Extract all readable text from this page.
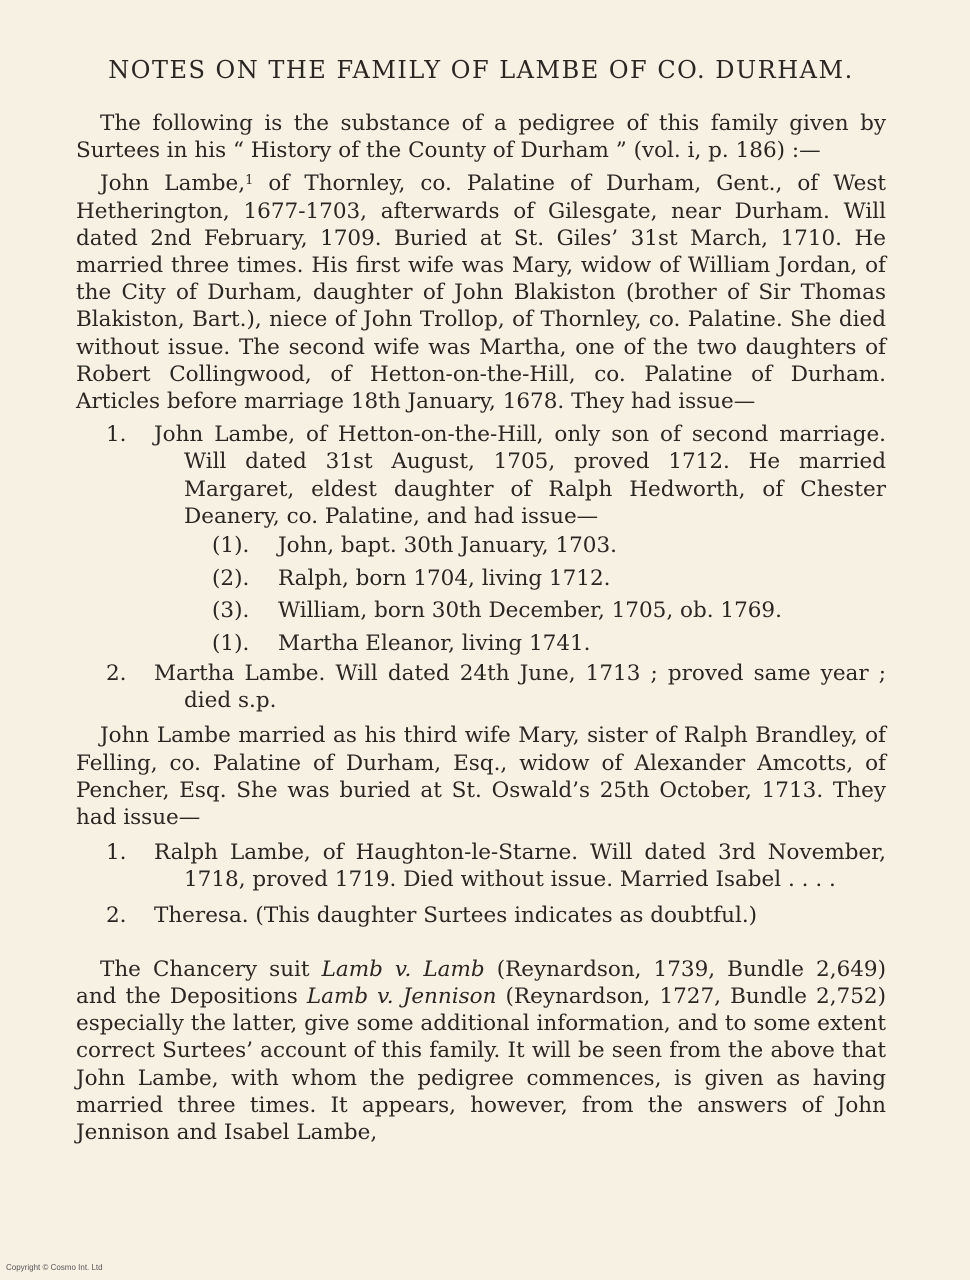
NOTES ON THE FAMILY OF LAMBE OF CO. DURHAM.

The following is the substance of a pedigree of this family given by Surtees in his “ History of the County of Durham ” (vol. i, p. 186) :—

John Lambe,$^1$ of Thornley, co. Palatine of Durham, Gent., of West Hetherington, 1677-1703, afterwards of Gilesgate, near Durham. Will dated 2nd February, 1709. Buried at St. Giles’ 31st March, 1710. He married three times. His first wife was Mary, widow of William Jordan, of the City of Durham, daughter of John Blakiston (brother of Sir Thomas Blakiston, Bart.), niece of John Trollop, of Thornley, co. Palatine. She died without issue. The second wife was Martha, one of the two daughters of Robert Collingwood, of Hetton-on-the-Hill, co. Palatine of Durham. Articles before marriage 18th January, 1678. They had issue—

1. John Lambe, of Hetton-on-the-Hill, only son of second marriage. Will dated 31st August, 1705, proved 1712. He married Margaret, eldest daughter of Ralph Hedworth, of Chester Deanery, co. Palatine, and had issue—
(1). John, bapt. 30th January, 1703.
(2). Ralph, born 1704, living 1712.
(3). William, born 30th December, 1705, ob. 1769.
(1). Martha Eleanor, living 1741.
2. Martha Lambe. Will dated 24th June, 1713 ; proved same year ; died s.p.

John Lambe married as his third wife Mary, sister of Ralph Brandley, of Felling, co. Palatine of Durham, Esq., widow of Alexander Amcotts, of Pencher, Esq. She was buried at St. Oswald’s 25th October, 1713. They had issue—

1. Ralph Lambe, of Haughton-le-Starne. Will dated 3rd November, 1718, proved 1719. Died without issue. Married Isabel . . . .
2. Theresa. (This daughter Surtees indicates as doubtful.)

The Chancery suit Lamb v. Lamb (Reynardson, 1739, Bundle 2,649) and the Depositions Lamb v. Jennison (Reynardson, 1727, Bundle 2,752) especially the latter, give some additional information, and to some extent correct Surtees’ account of this family. It will be seen from the above that John Lambe, with whom the pedigree commences, is given as having married three times. It appears, however, from the answers of John Jennison and Isabel Lambe,

Copyright © Cosmo Int. Ltd
